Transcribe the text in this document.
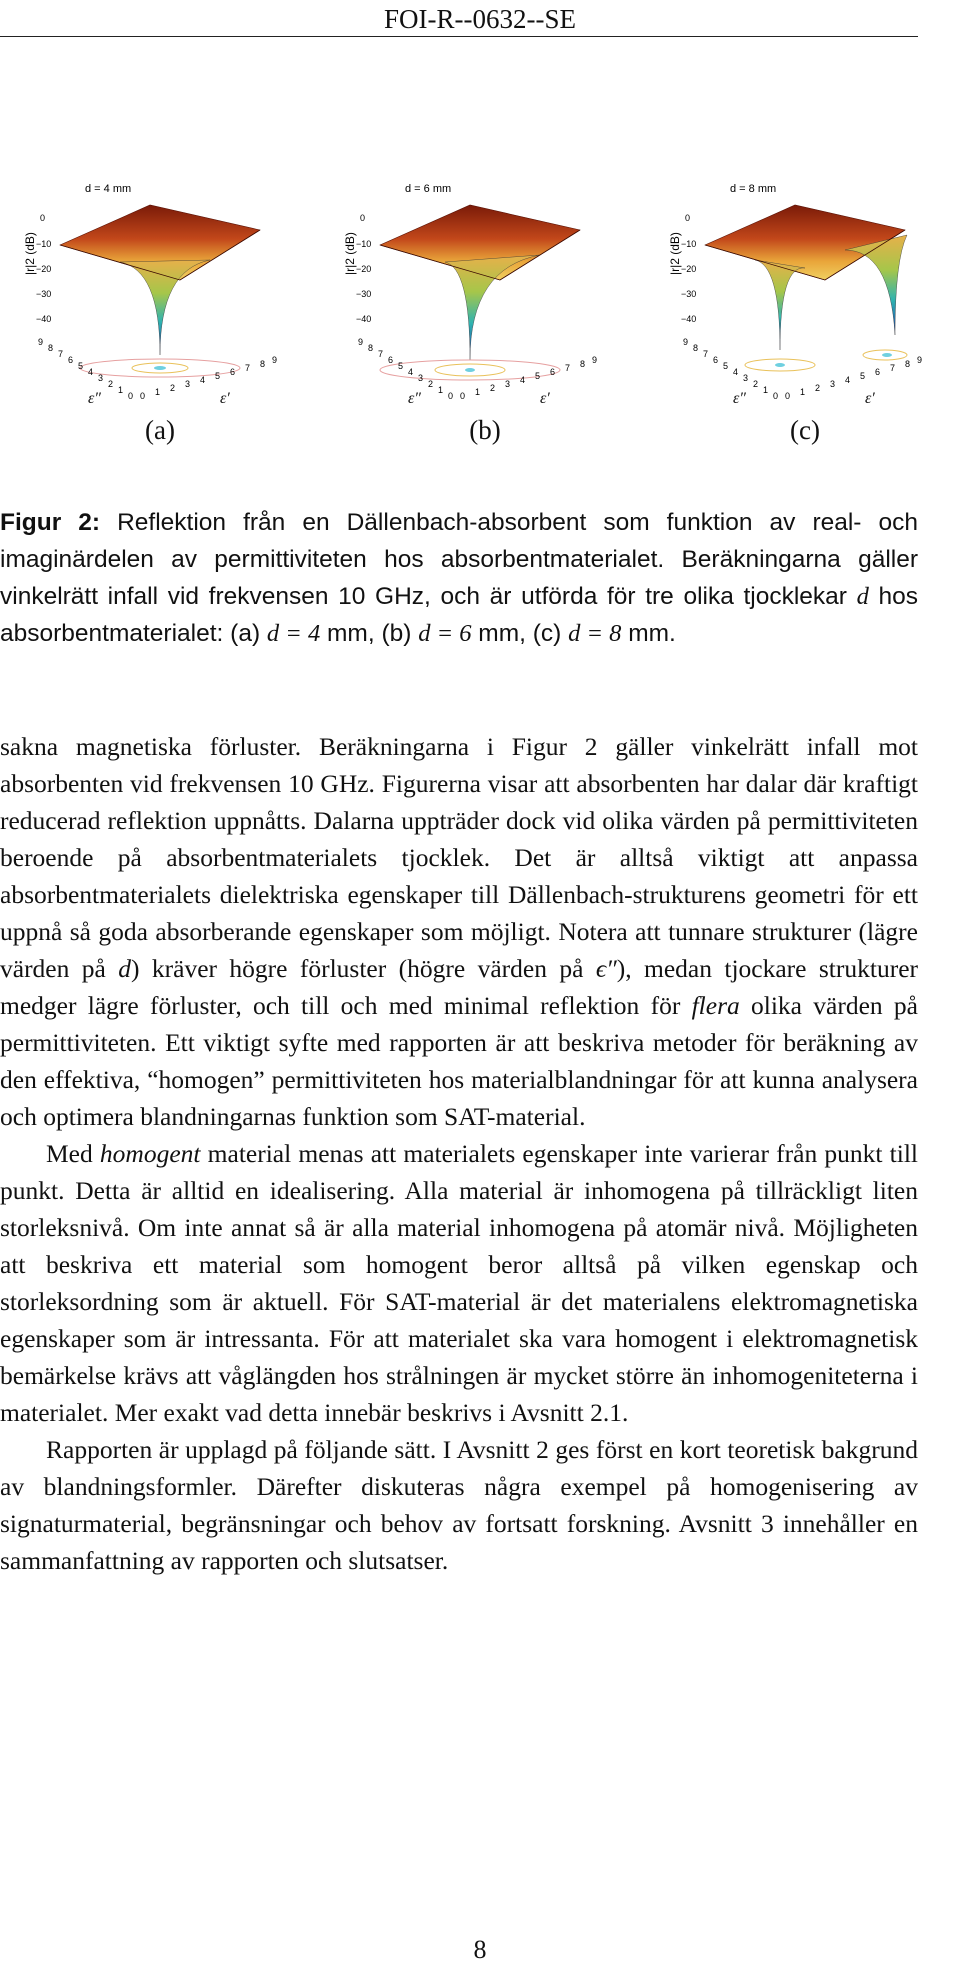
FOI-R--0632--SE
d = 4 mm
|r|2 (dB)
0
−10
−20
−30
−40
9
8
7
6
5
4
3
2
1
0 0 1 2 3 4 5 6 7 8 9
ε″	ε′
(a)
d = 6 mm
|r|2 (dB)
0
−10
−20
−30
−40
9
8
7
6
5
4
3
2
1
0 0 1 2 3 4 5 6 7 8 9
ε″	ε′
(b)
d = 8 mm
|r|2 (dB)
0
−10
−20
−30
−40
9
8
7
6
5
4
3
2
1
0 0 1 2 3 4 5 6 7 8 9
ε″	ε′
(c)
Figur 2: Reflektion från en Dällenbach-absorbent som funktion av real- och imaginärdelen av permittiviteten hos absorbentmaterialet. Beräkningarna gäller vinkelrätt infall vid frekvensen 10 GHz, och är utförda för tre olika tjocklekar d hos absorbentmaterialet: (a) d = 4 mm, (b) d = 6 mm, (c) d = 8 mm.

sakna magnetiska förluster. Beräkningarna i Figur 2 gäller vinkelrätt infall mot absorbenten vid frekvensen 10 GHz. Figurerna visar att absorbenten har dalar där kraftigt reducerad reflektion uppnåtts. Dalarna uppträder dock vid olika värden på permittiviteten beroende på absorbentmaterialets tjocklek. Det är alltså viktigt att anpassa absorbentmaterialets dielektriska egenskaper till Dällenbach-strukturens geometri för ett uppnå så goda absorberande egenskaper som möjligt. Notera att tunnare strukturer (lägre värden på d) kräver högre förluster (högre värden på ϵ″), medan tjockare strukturer medger lägre förluster, och till och med minimal reflektion för flera olika värden på permittiviteten. Ett viktigt syfte med rapporten är att beskriva metoder för beräkning av den effektiva, “homogen” permittiviteten hos materialblandningar för att kunna analysera och optimera blandningarnas funktion som SAT-material.

Med homogent material menas att materialets egenskaper inte varierar från punkt till punkt. Detta är alltid en idealisering. Alla material är inhomogena på tillräckligt liten storleksnivå. Om inte annat så är alla material inhomogena på atomär nivå. Möjligheten att beskriva ett material som homogent beror alltså på vilken egenskap och storleksordning som är aktuell. För SAT-material är det materialens elektromagnetiska egenskaper som är intressanta. För att materialet ska vara homogent i elektromagnetisk bemärkelse krävs att våglängden hos strålningen är mycket större än inhomogeniteterna i materialet. Mer exakt vad detta innebär beskrivs i Avsnitt 2.1.

Rapporten är upplagd på följande sätt. I Avsnitt 2 ges först en kort teoretisk bakgrund av blandningsformler. Därefter diskuteras några exempel på homogenisering av signaturmaterial, begränsningar och behov av fortsatt forskning. Avsnitt 3 innehåller en sammanfattning av rapporten och slutsatser.

8
